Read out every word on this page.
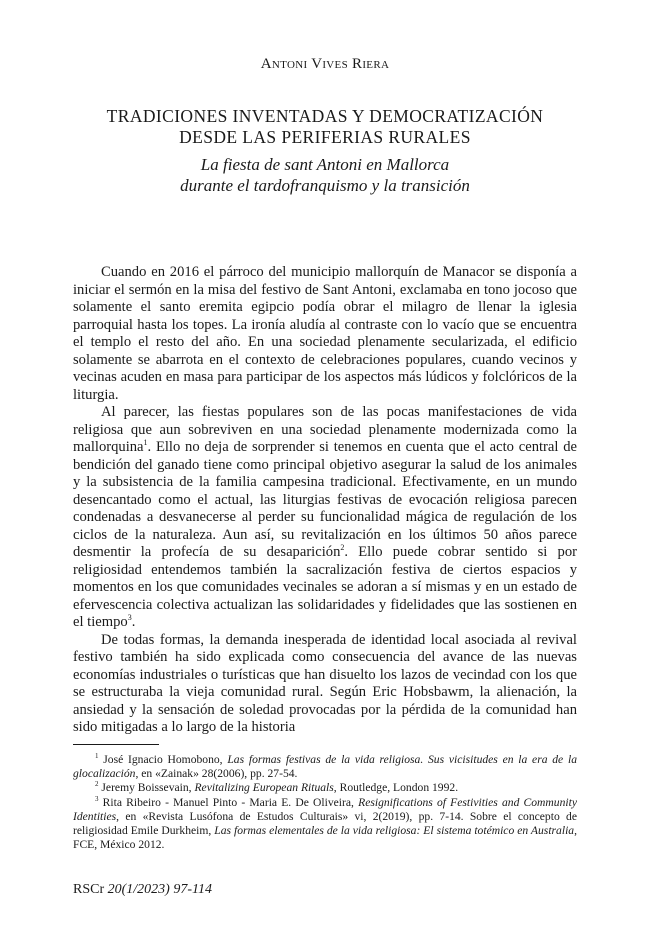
Antoni Vives Riera
TRADICIONES INVENTADAS Y DEMOCRATIZACIÓN
DESDE LAS PERIFERIAS RURALES
La fiesta de sant Antoni en Mallorca
durante el tardofranquismo y la transición

Cuando en 2016 el párroco del municipio mallorquín de Manacor se disponía a iniciar el sermón en la misa del festivo de Sant Antoni, exclamaba en tono jocoso que solamente el santo eremita egipcio podía obrar el milagro de llenar la iglesia parroquial hasta los topes. La ironía aludía al contraste con lo vacío que se encuentra el templo el resto del año. En una sociedad plenamente secularizada, el edificio solamente se abarrota en el contexto de celebraciones populares, cuando vecinos y vecinas acuden en masa para participar de los aspectos más lúdicos y folclóricos de la liturgia.

Al parecer, las fiestas populares son de las pocas manifestaciones de vida religiosa que aun sobreviven en una sociedad plenamente modernizada como la mallorquina$^1$. Ello no deja de sorprender si tenemos en cuenta que el acto central de bendición del ganado tiene como principal objetivo asegurar la salud de los animales y la subsistencia de la familia campesina tradicional. Efectivamente, en un mundo desencantado como el actual, las liturgias festivas de evocación religiosa parecen condenadas a desvanecerse al perder su funcionalidad mágica de regulación de los ciclos de la naturaleza. Aun así, su revitalización en los últimos 50 años parece desmentir la profecía de su desaparición$^2$. Ello puede cobrar sentido si por religiosidad entendemos también la sacralización festiva de ciertos espacios y momentos en los que comunidades vecinales se adoran a sí mismas y en un estado de efervescencia colectiva actualizan las solidaridades y fidelidades que las sostienen en el tiempo$^3$.

De todas formas, la demanda inesperada de identidad local asociada al revival festivo también ha sido explicada como consecuencia del avance de las nuevas economías industriales o turísticas que han disuelto los lazos de vecindad con los que se estructuraba la vieja comunidad rural. Según Eric Hobsbawm, la alienación, la ansiedad y la sensación de soledad provocadas por la pérdida de la comunidad han sido mitigadas a lo largo de la historia

$^1$ José Ignacio Homobono, Las formas festivas de la vida religiosa. Sus vicisitudes en la era de la glocalización, en «Zainak» 28(2006), pp. 27-54.

$^2$ Jeremy Boissevain, Revitalizing European Rituals, Routledge, London 1992.

$^3$ Rita Ribeiro - Manuel Pinto - Maria E. De Oliveira, Resignifications of Festivities and Community Identities, en «Revista Lusófona de Estudos Culturais» vi, 2(2019), pp. 7-14. Sobre el concepto de religiosidad Emile Durkheim, Las formas elementales de la vida religiosa: El sistema totémico en Australia, FCE, México 2012.

RSCr 20(1/2023) 97-114
